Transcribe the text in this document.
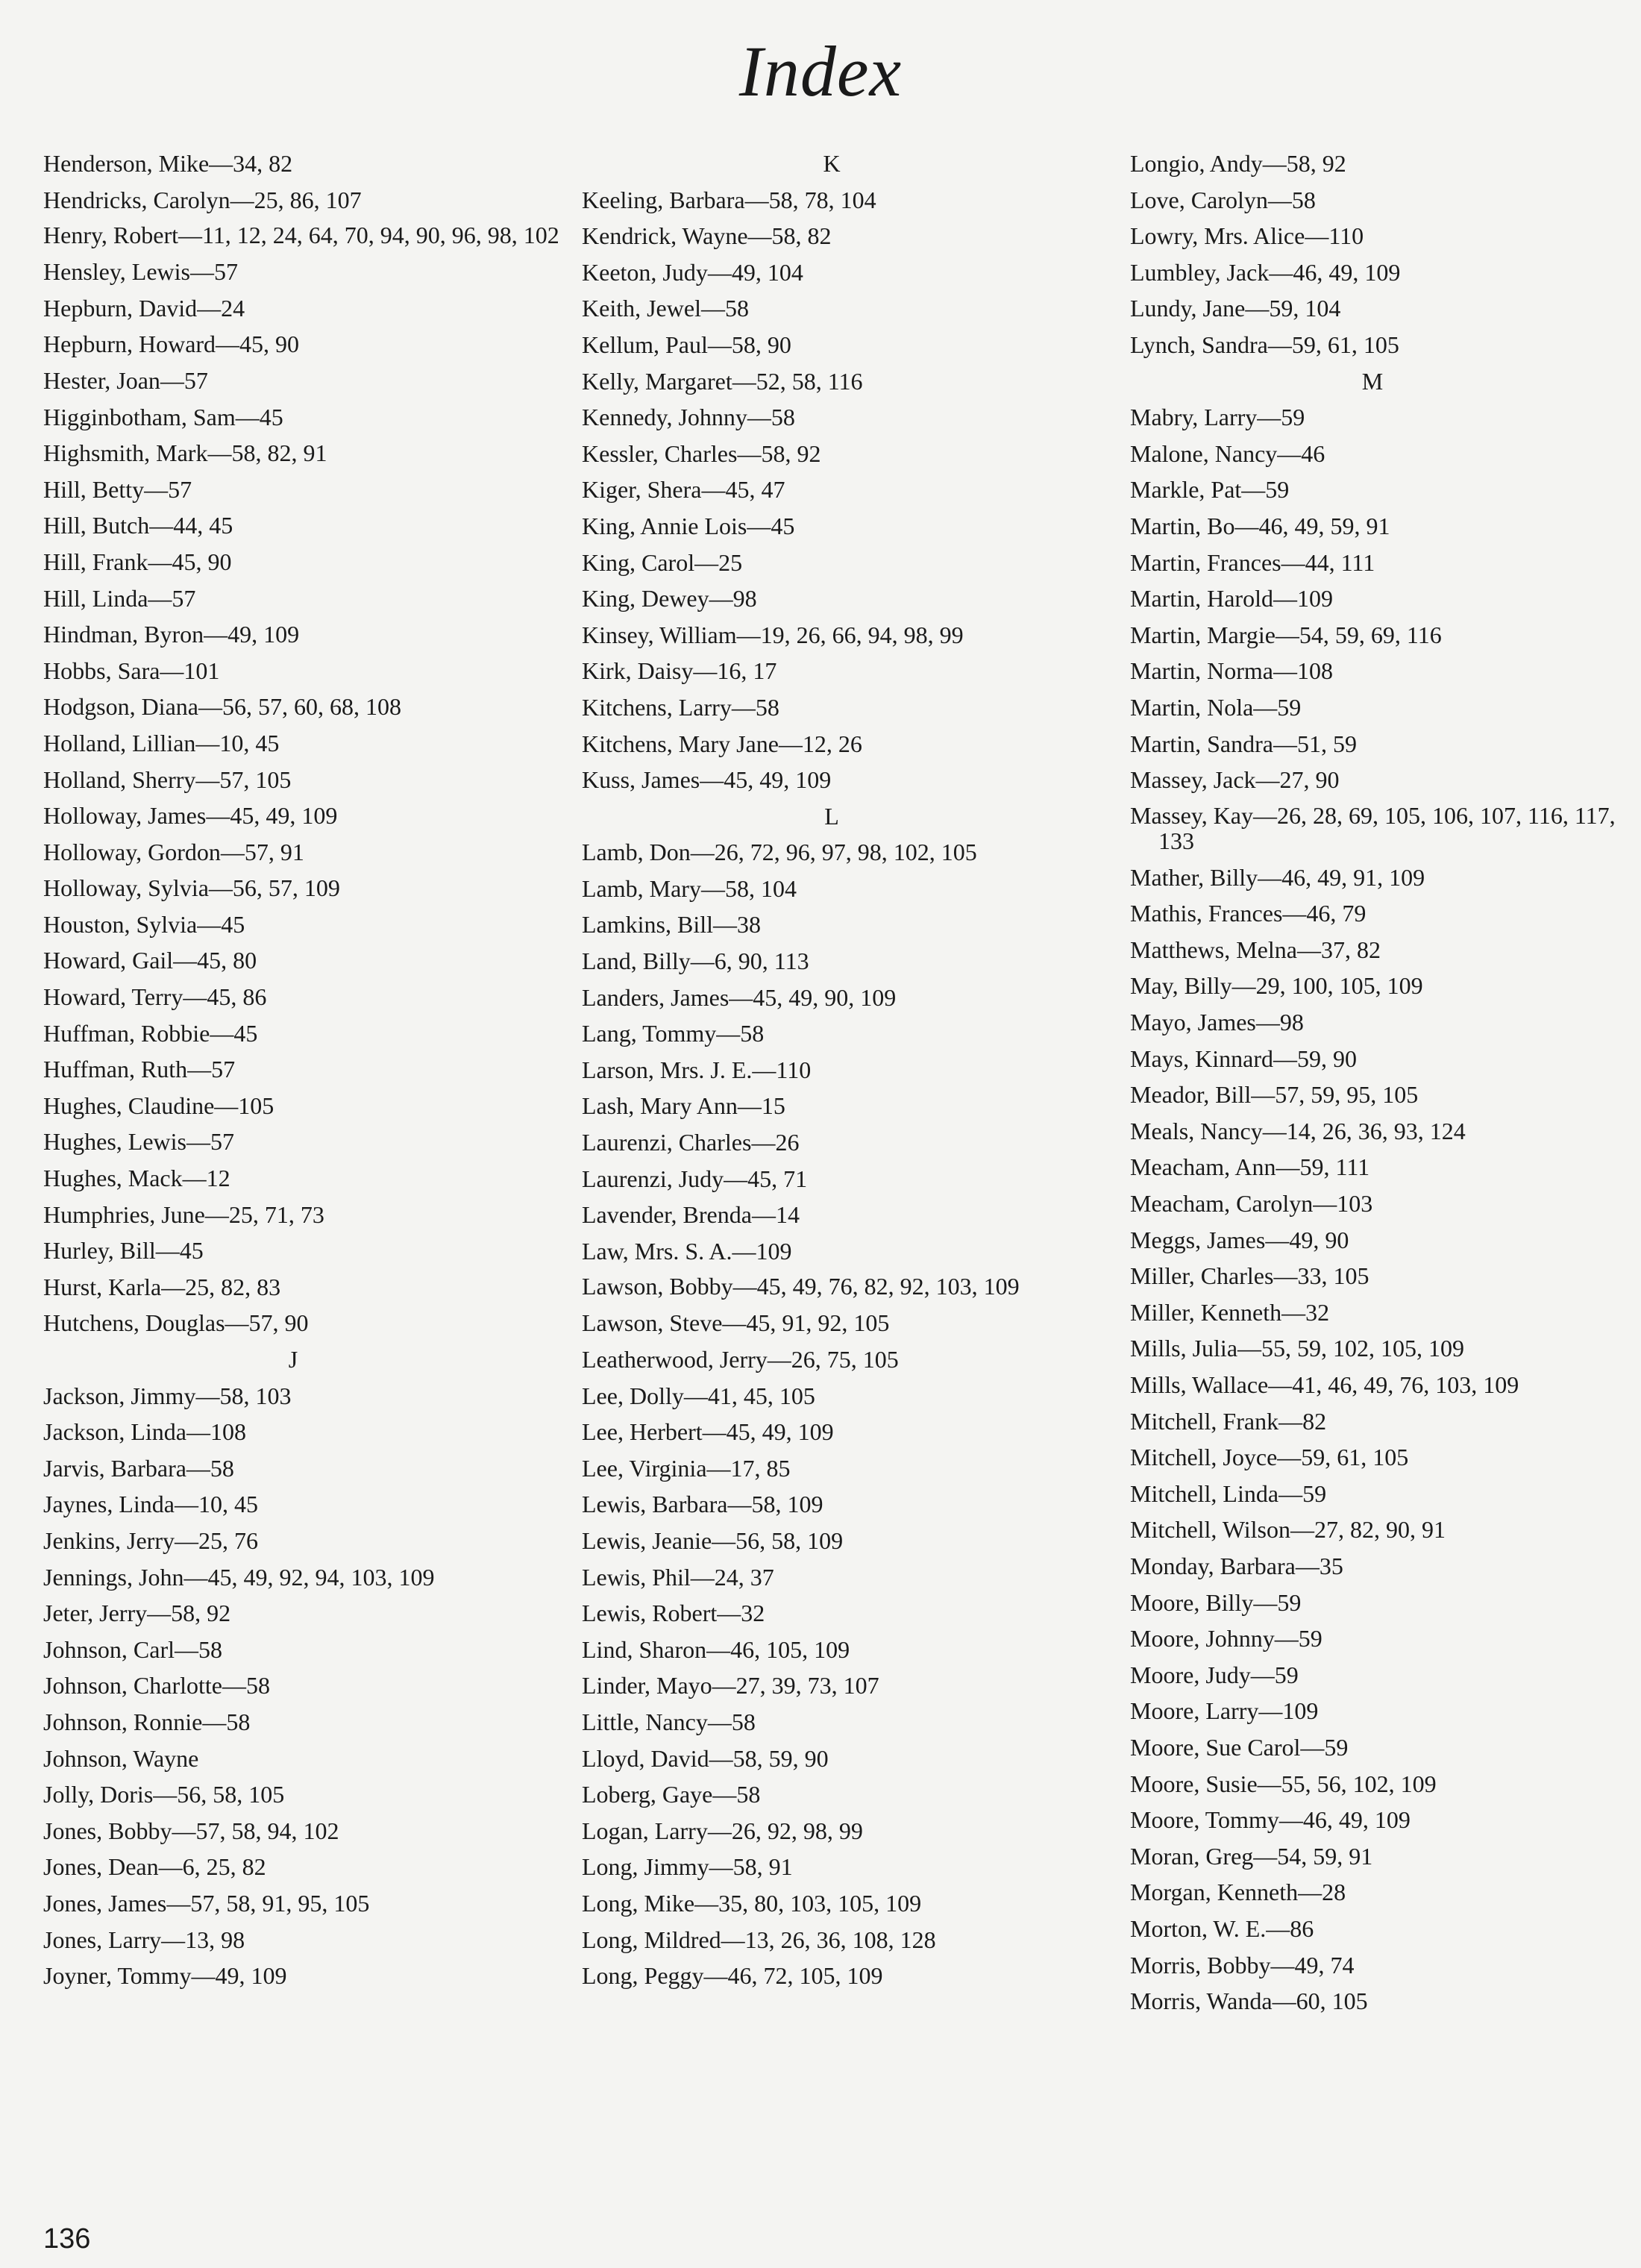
Index
Henderson, Mike—34, 82
Hendricks, Carolyn—25, 86, 107
Henry, Robert—11, 12, 24, 64, 70, 94, 90, 96, 98, 102
Hensley, Lewis—57
Hepburn, David—24
Hepburn, Howard—45, 90
Hester, Joan—57
Higginbotham, Sam—45
Highsmith, Mark—58, 82, 91
Hill, Betty—57
Hill, Butch—44, 45
Hill, Frank—45, 90
Hill, Linda—57
Hindman, Byron—49, 109
Hobbs, Sara—101
Hodgson, Diana—56, 57, 60, 68, 108
Holland, Lillian—10, 45
Holland, Sherry—57, 105
Holloway, James—45, 49, 109
Holloway, Gordon—57, 91
Holloway, Sylvia—56, 57, 109
Houston, Sylvia—45
Howard, Gail—45, 80
Howard, Terry—45, 86
Huffman, Robbie—45
Huffman, Ruth—57
Hughes, Claudine—105
Hughes, Lewis—57
Hughes, Mack—12
Humphries, June—25, 71, 73
Hurley, Bill—45
Hurst, Karla—25, 82, 83
Hutchens, Douglas—57, 90
J
Jackson, Jimmy—58, 103
Jackson, Linda—108
Jarvis, Barbara—58
Jaynes, Linda—10, 45
Jenkins, Jerry—25, 76
Jennings, John—45, 49, 92, 94, 103, 109
Jeter, Jerry—58, 92
Johnson, Carl—58
Johnson, Charlotte—58
Johnson, Ronnie—58
Johnson, Wayne
Jolly, Doris—56, 58, 105
Jones, Bobby—57, 58, 94, 102
Jones, Dean—6, 25, 82
Jones, James—57, 58, 91, 95, 105
Jones, Larry—13, 98
Joyner, Tommy—49, 109
K
Keeling, Barbara—58, 78, 104
Kendrick, Wayne—58, 82
Keeton, Judy—49, 104
Keith, Jewel—58
Kellum, Paul—58, 90
Kelly, Margaret—52, 58, 116
Kennedy, Johnny—58
Kessler, Charles—58, 92
Kiger, Shera—45, 47
King, Annie Lois—45
King, Carol—25
King, Dewey—98
Kinsey, William—19, 26, 66, 94, 98, 99
Kirk, Daisy—16, 17
Kitchens, Larry—58
Kitchens, Mary Jane—12, 26
Kuss, James—45, 49, 109
L
Lamb, Don—26, 72, 96, 97, 98, 102, 105
Lamb, Mary—58, 104
Lamkins, Bill—38
Land, Billy—6, 90, 113
Landers, James—45, 49, 90, 109
Lang, Tommy—58
Larson, Mrs. J. E.—110
Lash, Mary Ann—15
Laurenzi, Charles—26
Laurenzi, Judy—45, 71
Lavender, Brenda—14
Law, Mrs. S. A.—109
Lawson, Bobby—45, 49, 76, 82, 92, 103, 109
Lawson, Steve—45, 91, 92, 105
Leatherwood, Jerry—26, 75, 105
Lee, Dolly—41, 45, 105
Lee, Herbert—45, 49, 109
Lee, Virginia—17, 85
Lewis, Barbara—58, 109
Lewis, Jeanie—56, 58, 109
Lewis, Phil—24, 37
Lewis, Robert—32
Lind, Sharon—46, 105, 109
Linder, Mayo—27, 39, 73, 107
Little, Nancy—58
Lloyd, David—58, 59, 90
Loberg, Gaye—58
Logan, Larry—26, 92, 98, 99
Long, Jimmy—58, 91
Long, Mike—35, 80, 103, 105, 109
Long, Mildred—13, 26, 36, 108, 128
Long, Peggy—46, 72, 105, 109
Longio, Andy—58, 92
Love, Carolyn—58
Lowry, Mrs. Alice—110
Lumbley, Jack—46, 49, 109
Lundy, Jane—59, 104
Lynch, Sandra—59, 61, 105
M
Mabry, Larry—59
Malone, Nancy—46
Markle, Pat—59
Martin, Bo—46, 49, 59, 91
Martin, Frances—44, 111
Martin, Harold—109
Martin, Margie—54, 59, 69, 116
Martin, Norma—108
Martin, Nola—59
Martin, Sandra—51, 59
Massey, Jack—27, 90
Massey, Kay—26, 28, 69, 105, 106, 107, 116, 117, 133
Mather, Billy—46, 49, 91, 109
Mathis, Frances—46, 79
Matthews, Melna—37, 82
May, Billy—29, 100, 105, 109
Mayo, James—98
Mays, Kinnard—59, 90
Meador, Bill—57, 59, 95, 105
Meals, Nancy—14, 26, 36, 93, 124
Meacham, Ann—59, 111
Meacham, Carolyn—103
Meggs, James—49, 90
Miller, Charles—33, 105
Miller, Kenneth—32
Mills, Julia—55, 59, 102, 105, 109
Mills, Wallace—41, 46, 49, 76, 103, 109
Mitchell, Frank—82
Mitchell, Joyce—59, 61, 105
Mitchell, Linda—59
Mitchell, Wilson—27, 82, 90, 91
Monday, Barbara—35
Moore, Billy—59
Moore, Johnny—59
Moore, Judy—59
Moore, Larry—109
Moore, Sue Carol—59
Moore, Susie—55, 56, 102, 109
Moore, Tommy—46, 49, 109
Moran, Greg—54, 59, 91
Morgan, Kenneth—28
Morton, W. E.—86
Morris, Bobby—49, 74
Morris, Wanda—60, 105
136
